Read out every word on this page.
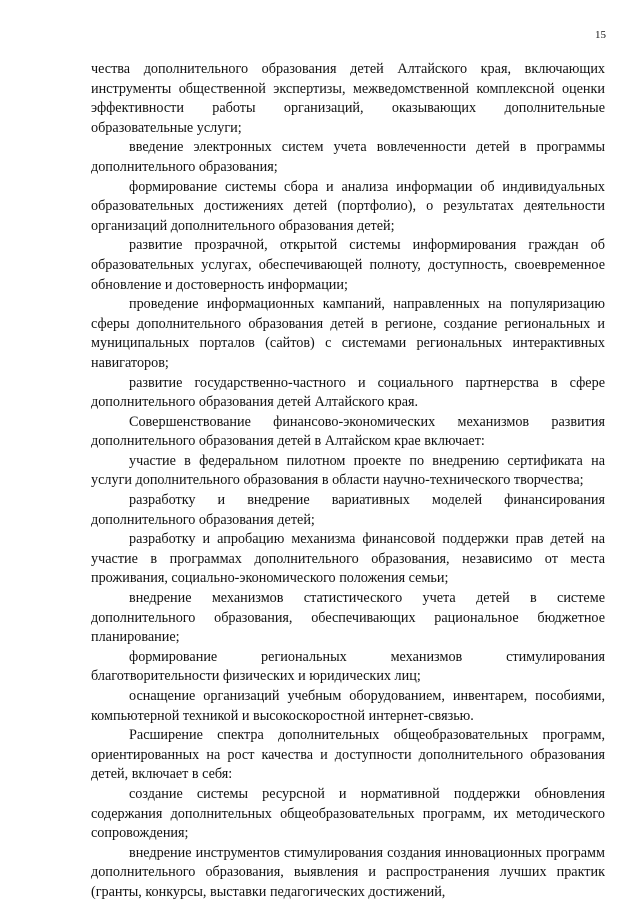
15

чества дополнительного образования детей Алтайского края, включающих инструменты общественной экспертизы, межведомственной комплексной оценки эффективности работы организаций, оказывающих дополнительные образовательные услуги;

введение электронных систем учета вовлеченности детей в программы дополнительного образования;

формирование системы сбора и анализа информации об индивидуальных образовательных достижениях детей (портфолио), о результатах деятельности организаций дополнительного образования детей;

развитие прозрачной, открытой системы информирования граждан об образовательных услугах, обеспечивающей полноту, доступность, своевременное обновление и достоверность информации;

проведение информационных кампаний, направленных на популяризацию сферы дополнительного образования детей в регионе, создание региональных и муниципальных порталов (сайтов) с системами региональных интерактивных навигаторов;

развитие государственно-частного и социального партнерства в сфере дополнительного образования детей Алтайского края.

Совершенствование финансово-экономических механизмов развития дополнительного образования детей в Алтайском крае включает:

участие в федеральном пилотном проекте по внедрению сертификата на услуги дополнительного образования в области научно-технического творчества;

разработку и внедрение вариативных моделей финансирования дополнительного образования детей;

разработку и апробацию механизма финансовой поддержки прав детей на участие в программах дополнительного образования, независимо от места проживания, социально-экономического положения семьи;

внедрение механизмов статистического учета детей в системе дополнительного образования, обеспечивающих рациональное бюджетное планирование;

формирование региональных механизмов стимулирования благотворительности физических и юридических лиц;

оснащение организаций учебным оборудованием, инвентарем, пособиями, компьютерной техникой и высокоскоростной интернет-связью.

Расширение спектра дополнительных общеобразовательных программ, ориентированных на рост качества и доступности дополнительного образования детей, включает в себя:

создание системы ресурсной и нормативной поддержки обновления содержания дополнительных общеобразовательных программ, их методического сопровождения;

внедрение инструментов стимулирования создания инновационных программ дополнительного образования, выявления и распространения лучших практик (гранты, конкурсы, выставки педагогических достижений,
